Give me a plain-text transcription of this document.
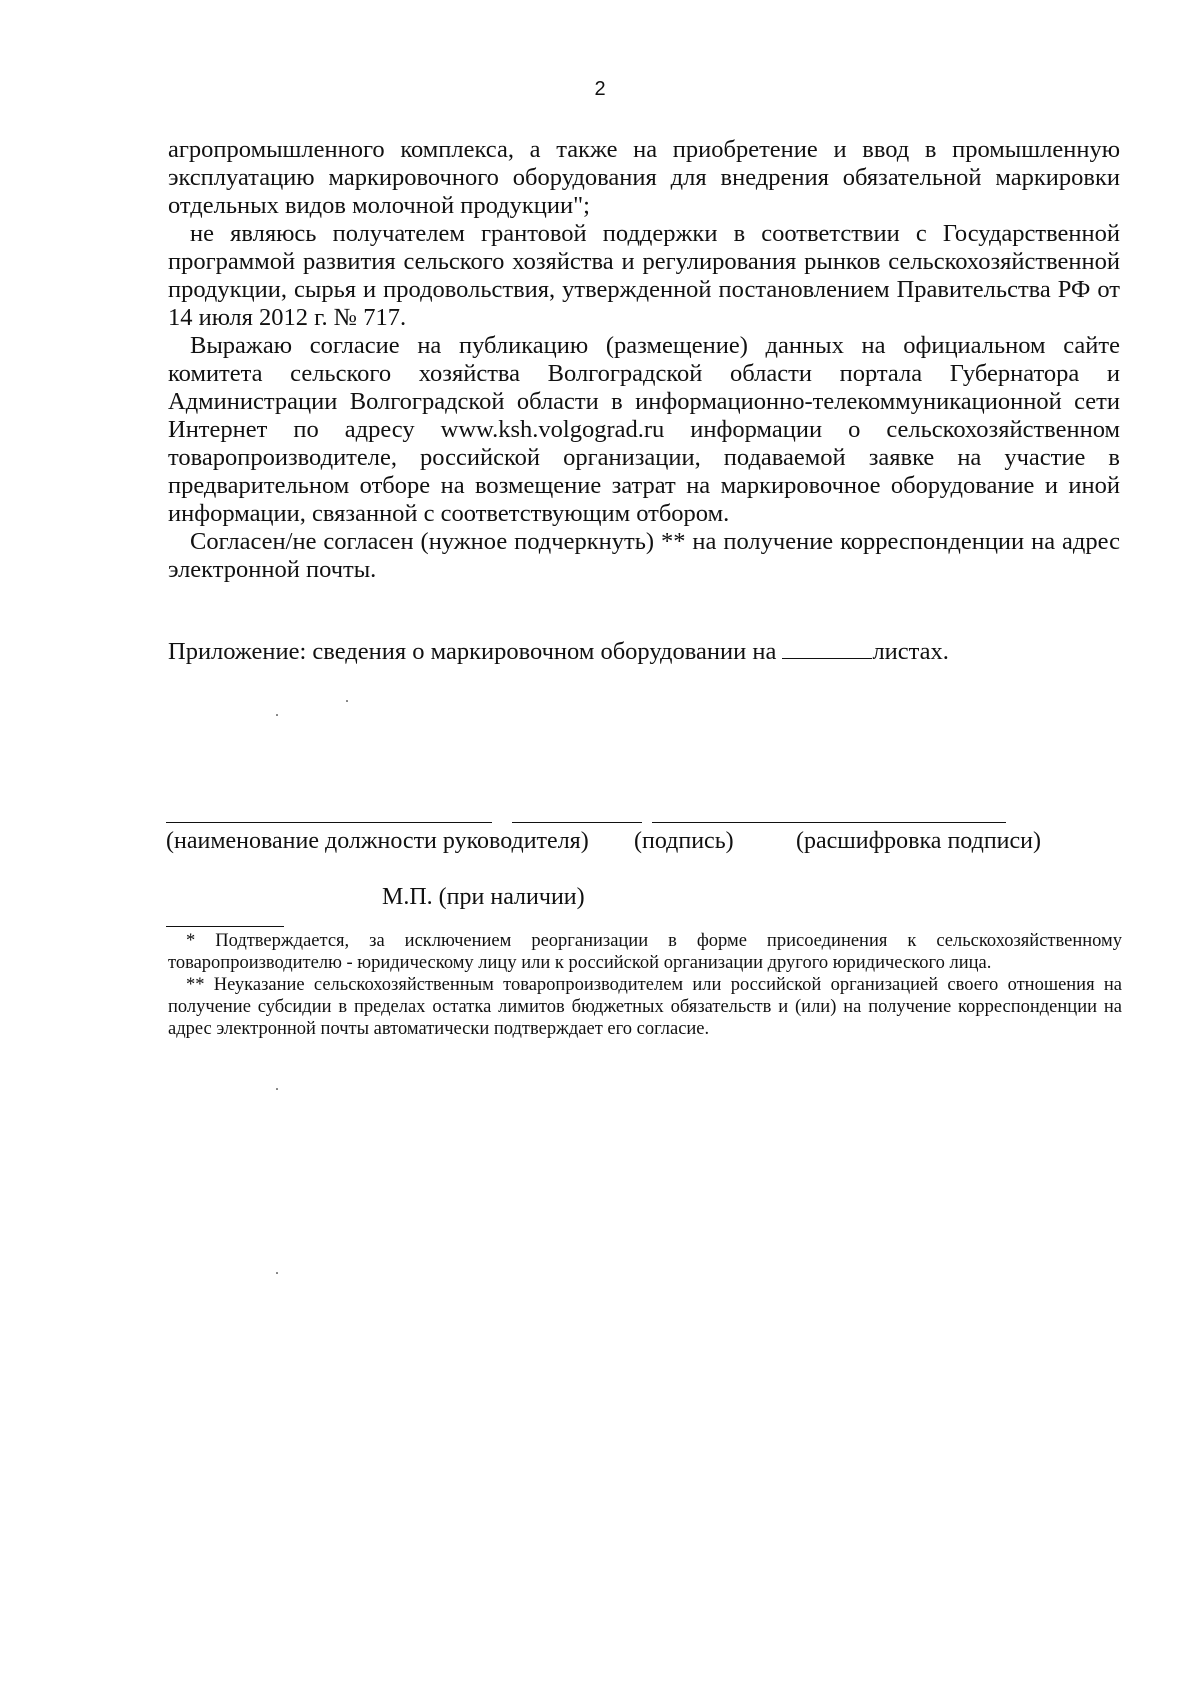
2

агропромышленного комплекса, а также на приобретение и ввод в промышленную эксплуатацию маркировочного оборудования для внедрения обязательной маркировки отдельных видов молочной продукции";

не являюсь получателем грантовой поддержки в соответствии с Государственной программой развития сельского хозяйства и регулирования рынков сельскохозяйственной продукции, сырья и продовольствия, утвержденной постановлением Правительства РФ от 14 июля 2012 г. № 717.

Выражаю согласие на публикацию (размещение) данных на официальном сайте комитета сельского хозяйства Волгоградской области портала Губернатора и Администрации Волгоградской области в информационно-телекоммуникационной сети Интернет по адресу www.ksh.volgograd.ru информации о сельскохозяйственном товаропроизводителе, российской организации, подаваемой заявке на участие в предварительном отборе на возмещение затрат на маркировочное оборудование и иной информации, связанной с соответствующим отбором.

Согласен/не согласен (нужное подчеркнуть) ** на получение корреспонденции на адрес электронной почты.

Приложение: сведения о маркировочном оборудовании на	листах.
(наименование должности руководителя) (подпись)	(расшифровка подписи)
М.П. (при наличии)

* Подтверждается, за исключением реорганизации в форме присоединения к сельскохозяйственному товаропроизводителю - юридическому лицу или к российской организации другого юридического лица.

** Неуказание сельскохозяйственным товаропроизводителем или российской организацией своего отношения на получение субсидии в пределах остатка лимитов бюджетных обязательств и (или) на получение корреспонденции на адрес электронной почты автоматически подтверждает его согласие.
